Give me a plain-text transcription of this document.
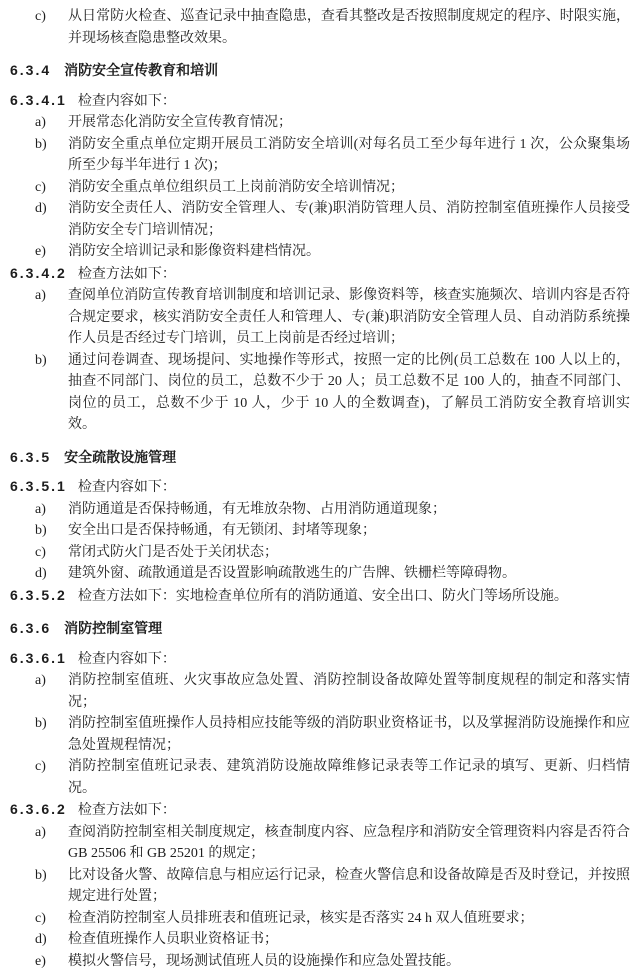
c) 从日常防火检查、巡查记录中抽查隐患，查看其整改是否按照制度规定的程序、时限实施，并现场核查隐患整改效果。
6.3.4 消防安全宣传教育和培训
6.3.4.1 检查内容如下：
a) 开展常态化消防安全宣传教育情况；
b) 消防安全重点单位定期开展员工消防安全培训(对每名员工至少每年进行 1 次，公众聚集场所至少每半年进行 1 次)；
c) 消防安全重点单位组织员工上岗前消防安全培训情况；
d) 消防安全责任人、消防安全管理人、专(兼)职消防管理人员、消防控制室值班操作人员接受消防安全专门培训情况；
e) 消防安全培训记录和影像资料建档情况。
6.3.4.2 检查方法如下：
a) 查阅单位消防宣传教育培训制度和培训记录、影像资料等，核查实施频次、培训内容是否符合规定要求，核实消防安全责任人和管理人、专(兼)职消防安全管理人员、自动消防系统操作人员是否经过专门培训，员工上岗前是否经过培训；
b) 通过问卷调查、现场提问、实地操作等形式，按照一定的比例(员工总数在 100 人以上的，抽查不同部门、岗位的员工，总数不少于 20 人；员工总数不足 100 人的，抽查不同部门、岗位的员工，总数不少于 10 人，少于 10 人的全数调查)，了解员工消防安全教育培训实效。
6.3.5 安全疏散设施管理
6.3.5.1 检查内容如下：
a) 消防通道是否保持畅通，有无堆放杂物、占用消防通道现象；
b) 安全出口是否保持畅通，有无锁闭、封堵等现象；
c) 常闭式防火门是否处于关闭状态；
d) 建筑外窗、疏散通道是否设置影响疏散逃生的广告牌、铁栅栏等障碍物。
6.3.5.2 检查方法如下：实地检查单位所有的消防通道、安全出口、防火门等场所设施。
6.3.6 消防控制室管理
6.3.6.1 检查内容如下：
a) 消防控制室值班、火灾事故应急处置、消防控制设备故障处置等制度规程的制定和落实情况；
b) 消防控制室值班操作人员持相应技能等级的消防职业资格证书，以及掌握消防设施操作和应急处置规程情况；
c) 消防控制室值班记录表、建筑消防设施故障维修记录表等工作记录的填写、更新、归档情况。
6.3.6.2 检查方法如下：
a) 查阅消防控制室相关制度规定，核查制度内容、应急程序和消防安全管理资料内容是否符合 GB 25506 和 GB 25201 的规定；
b) 比对设备火警、故障信息与相应运行记录，检查火警信息和设备故障是否及时登记，并按照规定进行处置；
c) 检查消防控制室人员排班表和值班记录，核实是否落实 24 h 双人值班要求；
d) 检查值班操作人员职业资格证书；
e) 模拟火警信号，现场测试值班人员的设施操作和应急处置技能。
